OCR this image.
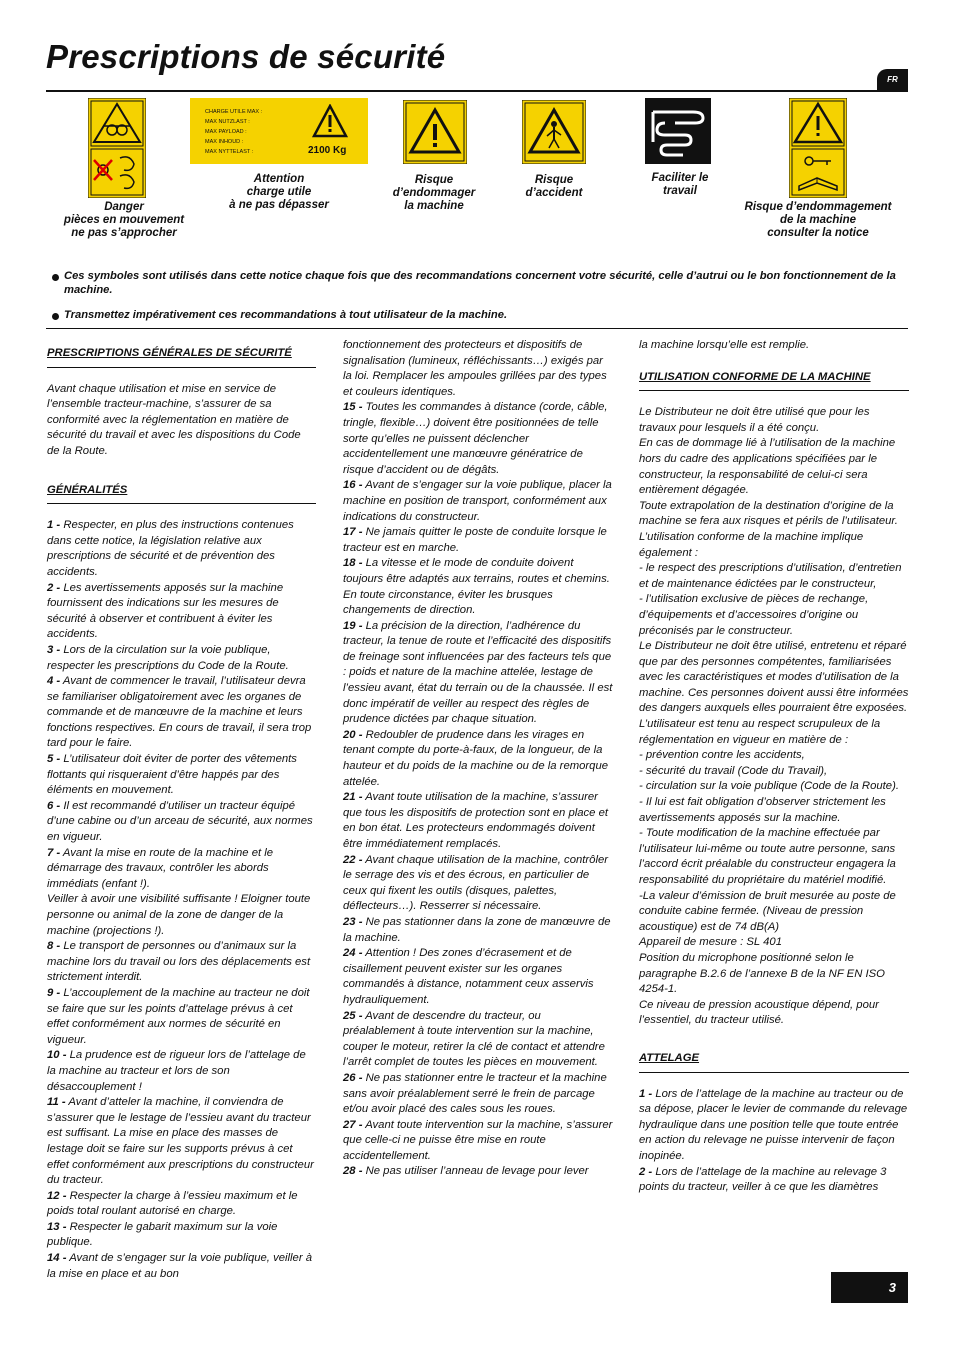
Prescriptions de sécurité
FR
Danger
pièces en mouvement
ne pas s’approcher
CHARGE UTILE MAX :
MAX NUTZLAST :
MAX PAYLOAD :
MAX INHOUD :
MAX NYTTELAST :	2100 Kg
Attention
charge utile
à ne pas dépasser
Risque
d’endommager
la machine
Risque
d’accident
Faciliter le
travail
Risque d’endommagement
de la machine
consulter la notice
Ces symboles sont utilisés dans cette notice chaque fois que des recommandations concernent votre sécurité, celle d’autrui ou le bon fonctionnement de la machine.
Transmettez impérativement ces recommandations à tout utilisateur de la machine.
PRESCRIPTIONS GÉNÉRALES DE SÉCURITÉ

Avant chaque utilisation et mise en service de l’ensemble tracteur-machine, s’assurer de sa conformité avec la réglementation en matière de sécurité du travail et avec les dispositions du Code de la Route.

GÉNÉRALITÉS

1 - Respecter, en plus des instructions contenues dans cette notice, la législation relative aux prescriptions de sécurité et de prévention des accidents.

2 - Les avertissements apposés sur la machine fournissent des indications sur les mesures de sécurité à observer et contribuent à éviter les accidents.

3 - Lors de la circulation sur la voie publique, respecter les prescriptions du Code de la Route.

4 - Avant de commencer le travail, l’utilisateur devra se familiariser obligatoirement avec les organes de commande et de manœuvre de la machine et leurs fonctions respectives. En cours de travail, il sera trop tard pour le faire.

5 - L’utilisateur doit éviter de porter des vêtements flottants qui risqueraient d’être happés par des éléments en mouvement.

6 - Il est recommandé d’utiliser un tracteur équipé d’une cabine ou d’un arceau de sécurité, aux normes en vigueur.

7 - Avant la mise en route de la machine et le démarrage des travaux, contrôler les abords immédiats (enfant !).

Veiller à avoir une visibilité suffisante ! Eloigner toute personne ou animal de la zone de danger de la machine (projections !).

8 - Le transport de personnes ou d’animaux sur la machine lors du travail ou lors des déplacements est strictement interdit.

9 - L’accouplement de la machine au tracteur ne doit se faire que sur les points d’attelage prévus à cet effet conformément aux normes de sécurité en vigueur.

10 - La prudence est de rigueur lors de l’attelage de la machine au tracteur et lors de son désaccouplement !

11 - Avant d’atteler la machine, il conviendra de s’assurer que le lestage de l’essieu avant du tracteur est suffisant. La mise en place des masses de lestage doit se faire sur les supports prévus à cet effet conformément aux prescriptions du constructeur du tracteur.

12 - Respecter la charge à l’essieu maximum et le poids total roulant autorisé en charge.

13 - Respecter le gabarit maximum sur la voie publique.

14 - Avant de s’engager sur la voie publique, veiller à la mise en place et au bon

fonctionnement des protecteurs et dispositifs de signalisation (lumineux, réfléchissants…) exigés par la loi. Remplacer les ampoules grillées par des types et couleurs identiques.

15 - Toutes les commandes à distance (corde, câble, tringle, flexible…) doivent être positionnées de telle sorte qu’elles ne puissent déclencher accidentellement une manœuvre génératrice de risque d’accident ou de dégâts.

16 - Avant de s’engager sur la voie publique, placer la machine en position de transport, conformément aux indications du constructeur.

17 - Ne jamais quitter le poste de conduite lorsque le tracteur est en marche.

18 - La vitesse et le mode de conduite doivent toujours être adaptés aux terrains, routes et chemins. En toute circonstance, éviter les brusques changements de direction.

19 - La précision de la direction, l’adhérence du tracteur, la tenue de route et l’efficacité des dispositifs de freinage sont influencées par des facteurs tels que : poids et nature de la machine attelée, lestage de l’essieu avant, état du terrain ou de la chaussée. Il est donc impératif de veiller au respect des règles de prudence dictées par chaque situation.

20 - Redoubler de prudence dans les virages en tenant compte du porte-à-faux, de la longueur, de la hauteur et du poids de la machine ou de la remorque attelée.

21 - Avant toute utilisation de la machine, s’assurer que tous les dispositifs de protection sont en place et en bon état. Les protecteurs endommagés doivent être immédiatement remplacés.

22 - Avant chaque utilisation de la machine, contrôler le serrage des vis et des écrous, en particulier de ceux qui fixent les outils (disques, palettes, déflecteurs…). Resserrer si nécessaire.

23 - Ne pas stationner dans la zone de manœuvre de la machine.

24 - Attention ! Des zones d’écrasement et de cisaillement peuvent exister sur les organes commandés à distance, notamment ceux asservis hydrauliquement.

25 - Avant de descendre du tracteur, ou préalablement à toute intervention sur la machine, couper le moteur, retirer la clé de contact et attendre l’arrêt complet de toutes les pièces en mouvement.

26 - Ne pas stationner entre le tracteur et la machine sans avoir préalablement serré le frein de parcage et/ou avoir placé des cales sous les roues.

27 - Avant toute intervention sur la machine, s’assurer que celle-ci ne puisse être mise en route accidentellement.

28 - Ne pas utiliser l’anneau de levage pour lever

la machine lorsqu’elle est remplie.

UTILISATION CONFORME DE LA MACHINE

Le Distributeur ne doit être utilisé que pour les travaux pour lesquels il a été conçu.

En cas de dommage lié à l’utilisation de la machine hors du cadre des applications spécifiées par le constructeur, la responsabilité de celui-ci sera entièrement dégagée.

Toute extrapolation de la destination d’origine de la machine se fera aux risques et périls de l’utilisateur.

L’utilisation conforme de la machine implique également :

- le respect des prescriptions d’utilisation, d’entretien et de maintenance édictées par le constructeur,

- l’utilisation exclusive de pièces de rechange, d’équipements et d’accessoires d’origine ou préconisés par le constructeur.

Le Distributeur ne doit être utilisé, entretenu et réparé que par des personnes compétentes, familiarisées avec les caractéristiques et modes d’utilisation de la machine. Ces personnes doivent aussi être informées des dangers auxquels elles pourraient être exposées.

L’utilisateur est tenu au respect scrupuleux de la réglementation en vigueur en matière de :

- prévention contre les accidents,

- sécurité du travail (Code du Travail),

- circulation sur la voie publique (Code de la Route).

- Il lui est fait obligation d’observer strictement les avertissements apposés sur la machine.

- Toute modification de la machine effectuée par l’utilisateur lui-même ou toute autre personne, sans l’accord écrit préalable du constructeur engagera la responsabilité du propriétaire du matériel modifié.

-La valeur d’émission de bruit mesurée au poste de conduite cabine fermée. (Niveau de pression acoustique) est de 74 dB(A)

Appareil de mesure : SL 401

Position du microphone positionné selon le paragraphe B.2.6 de l’annexe B de la NF EN ISO 4254-1.

Ce niveau de pression acoustique dépend, pour l’essentiel, du tracteur utilisé.

ATTELAGE

1 - Lors de l’attelage de la machine au tracteur ou de sa dépose, placer le levier de commande du relevage hydraulique dans une position telle que toute entrée en action du relevage ne puisse intervenir de façon inopinée.

2 - Lors de l’attelage de la machine au relevage 3 points du tracteur, veiller à ce que les diamètres

3
